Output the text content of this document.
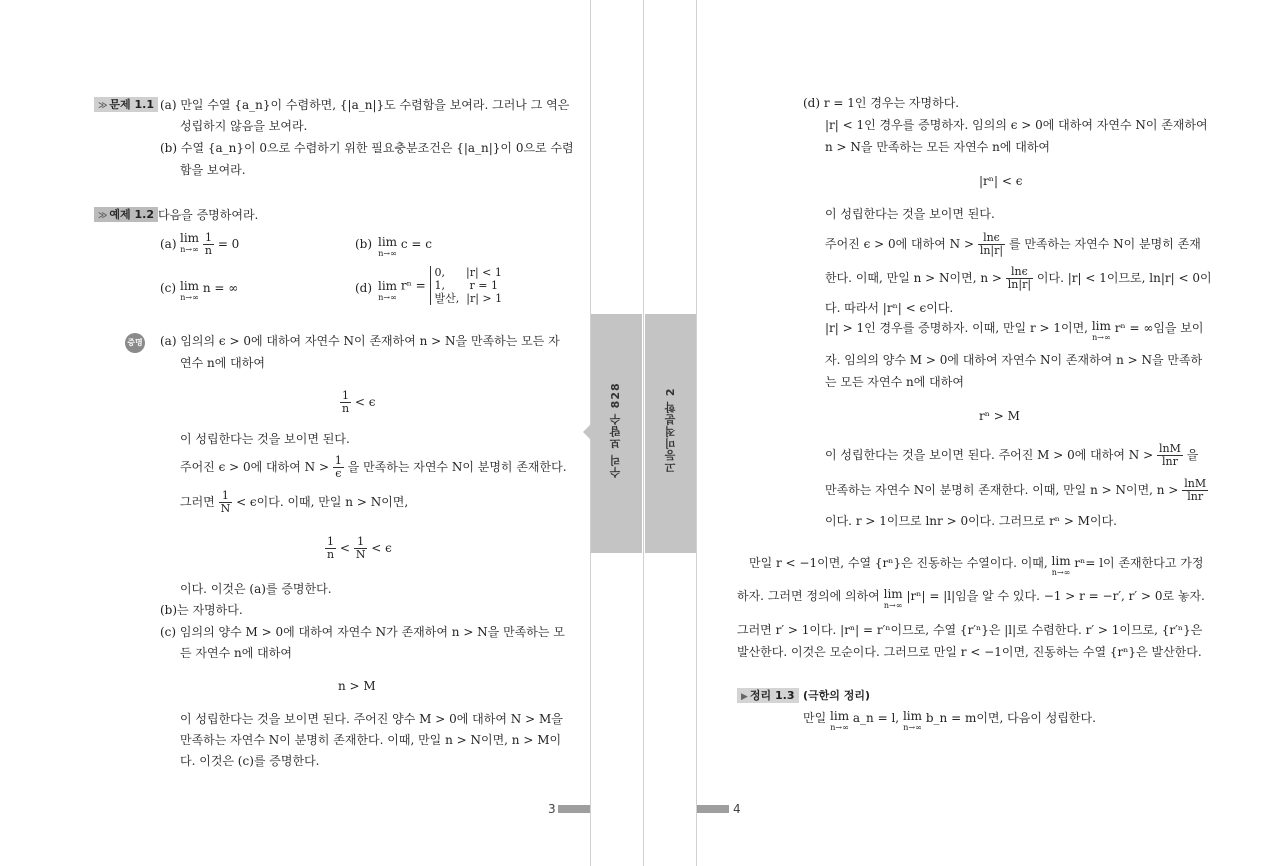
≫ 문제 1.1 (a) 만일 수열 {a_n}이 수렴하면, {|a_n|}도 수렴함을 보여라. 그러나 그 역은
성립하지 않음을 보여라.
(b) 수열 {a_n}이 0으로 수렴하기 위한 필요충분조건은 {|a_n|}이 0으로 수렴
함을 보여라.
≫ 예제 1.2 다음을 증명하여라.
(a) lim
n→∞
$\frac{1}{n} = 0$	(b) lim
n→∞
c = c
(c) lim
n→∞
n = ∞	(d) lim
n→∞
rⁿ =
0,      |r| < 1
1,       r = 1
발산,  |r| > 1
증명 (a) 임의의 ϵ > 0에 대하여 자연수 N이 존재하여 n > N을 만족하는 모든 자
연수 n에 대하여
$\frac{1}{n} < \epsilon$
이 성립한다는 것을 보이면 된다.
주어진 ϵ > 0에 대하여 $N > \frac{1}{\epsilon}$ 을 만족하는 자연수 N이 분명히 존재한다.
그러면 $\frac{1}{N} < \epsilon$이다. 이때, 만일 n > N이면,
$\frac{1}{n} < \frac{1}{N} < \epsilon$
이다. 이것은 (a)를 증명한다.
(b)는 자명하다.
(c) 임의의 양수 M > 0에 대하여 자연수 N가 존재하여 n > N을 만족하는 모
든 자연수 n에 대하여
n > M
이 성립한다는 것을 보이면 된다. 주어진 양수 M > 0에 대하여 N > M을
만족하는 자연수 N이 분명히 존재한다. 이때, 만일 n > N이면, n > M이
다. 이것은 (c)를 증명한다.
3
수리 보람수 828	고등미적분학 2
(d) r = 1인 경우는 자명하다.
|r| < 1인 경우를 증명하자. 임의의 ϵ > 0에 대하여 자연수 N이 존재하여
n > N을 만족하는 모든 자연수 n에 대하여
|rⁿ| < ϵ
이 성립한다는 것을 보이면 된다.
주어진 ϵ > 0에 대하여 $N > \frac{\ln\epsilon}{\ln|r|}$ 를 만족하는 자연수 N이 분명히 존재
한다. 이때, 만일 n > N이면, $n > \frac{\ln\epsilon}{\ln|r|}$ 이다. |r| < 1이므로, ln|r| < 0이
다. 따라서 |rⁿ| < ϵ이다.
|r| > 1인 경우를 증명하자. 이때, 만일 r > 1이면, lim
n→∞
rⁿ = ∞임을 보이
자. 임의의 양수 M > 0에 대하여 자연수 N이 존재하여 n > N을 만족하
는 모든 자연수 n에 대하여
rⁿ > M
이 성립한다는 것을 보이면 된다. 주어진 M > 0에 대하여 $N > \frac{\ln M}{\ln r}$ 을
만족하는 자연수 N이 분명히 존재한다. 이때, 만일 n > N이면, $n > \frac{\ln M}{\ln r}$
이다. r > 1이므로 lnr > 0이다. 그러므로 rⁿ > M이다.
만일 r < −1이면, 수열 {rⁿ}은 진동하는 수열이다. 이때, lim
n→∞
rⁿ= l이 존재한다고 가정
하자. 그러면 정의에 의하여 lim
n→∞
|rⁿ| = |l|임을 알 수 있다. −1 > r = −r′, r′ > 0로 놓자.
그러면 r′ > 1이다. |rⁿ| = r′ⁿ이므로, 수열 {r′ⁿ}은 |l|로 수렴한다. r′ > 1이므로, {r′ⁿ}은
발산한다. 이것은 모순이다. 그러므로 만일 r < −1이면, 진동하는 수열 {rⁿ}은 발산한다.
▶ 정리 1.3 (극한의 정리)
만일 lim
n→∞
a_n = l, lim
n→∞
b_n = m이면, 다음이 성립한다.
4
